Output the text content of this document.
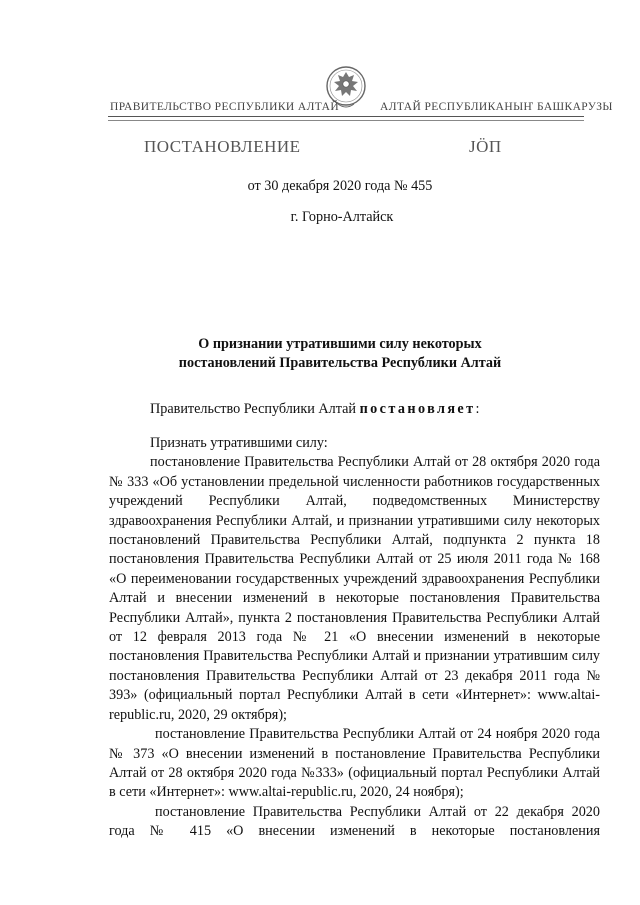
ПРАВИТЕЛЬСТВО РЕСПУБЛИКИ АЛТАЙ	АЛТАЙ РЕСПУБЛИКАНЫҤ БАШКАРУЗЫ
ПОСТАНОВЛЕНИЕ	ЈӦП
от 30 декабря 2020 года № 455
г. Горно-Алтайск
О признании утратившими силу некоторых
постановлений Правительства Республики Алтай
Правительство Республики Алтай постановляет:

Признать утратившими силу:

постановление Правительства Республики Алтай от 28 октября 2020 года № 333 «Об установлении предельной численности работников государственных учреждений Республики Алтай, подведомственных Министерству здравоохранения Республики Алтай, и признании утратившими силу некоторых постановлений Правительства Республики Алтай, подпункта 2 пункта 18 постановления Правительства Республики Алтай от 25 июля 2011 года № 168 «О переименовании государственных учреждений здравоохранения Республики Алтай и внесении изменений в некоторые постановления Правительства Республики Алтай», пункта 2 постановления Правительства Республики Алтай от 12 февраля 2013 года № 21 «О внесении изменений в некоторые постановления Правительства Республики Алтай и признании утратившим силу постановления Правительства Республики Алтай от 23 декабря 2011 года № 393» (официальный портал Республики Алтай в сети «Интернет»: www.altai-republic.ru, 2020, 29 октября);

постановление Правительства Республики Алтай от 24 ноября 2020 года № 373 «О внесении изменений в постановление Правительства Республики Алтай от 28 октября 2020 года №333» (официальный портал Республики Алтай в сети «Интернет»: www.altai-republic.ru, 2020, 24 ноября);

постановление Правительства Республики Алтай от 22 декабря 2020 года № 415 «О внесении изменений в некоторые постановления
